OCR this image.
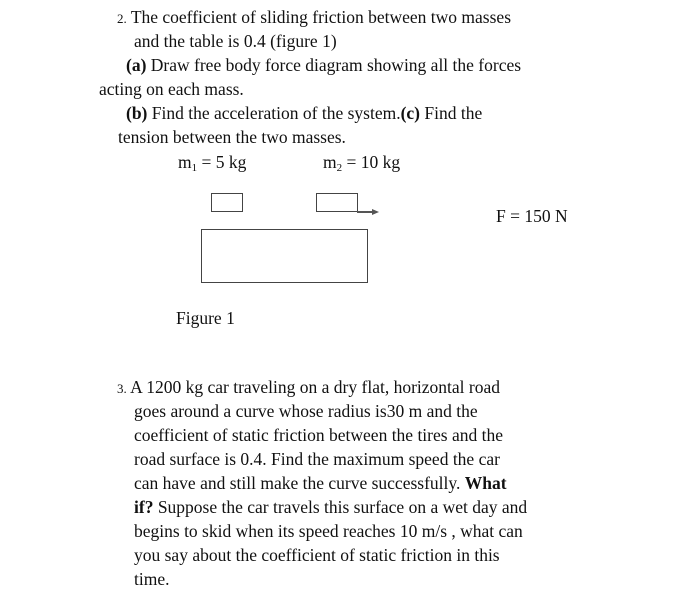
2. The coefficient of sliding friction between two masses
and the table is 0.4 (figure 1)
(a) Draw free body force diagram showing all the forces
acting on each mass.
(b) Find the acceleration of the system.(c) Find the
tension between the two masses.
$m_1 = 5$ kg	$m_2 = 10$ kg
F = 150 N
Figure 1
3. A 1200 kg car traveling on a dry flat, horizontal road
goes around a curve whose radius is30 m and the
coefficient of static friction between the tires and the
road surface is 0.4. Find the maximum speed the car
can have and still make the curve successfully. What
if? Suppose the car travels this surface on a wet day and
begins to skid when its speed reaches 10 m/s , what can
you say about the coefficient of static friction in this
time.
